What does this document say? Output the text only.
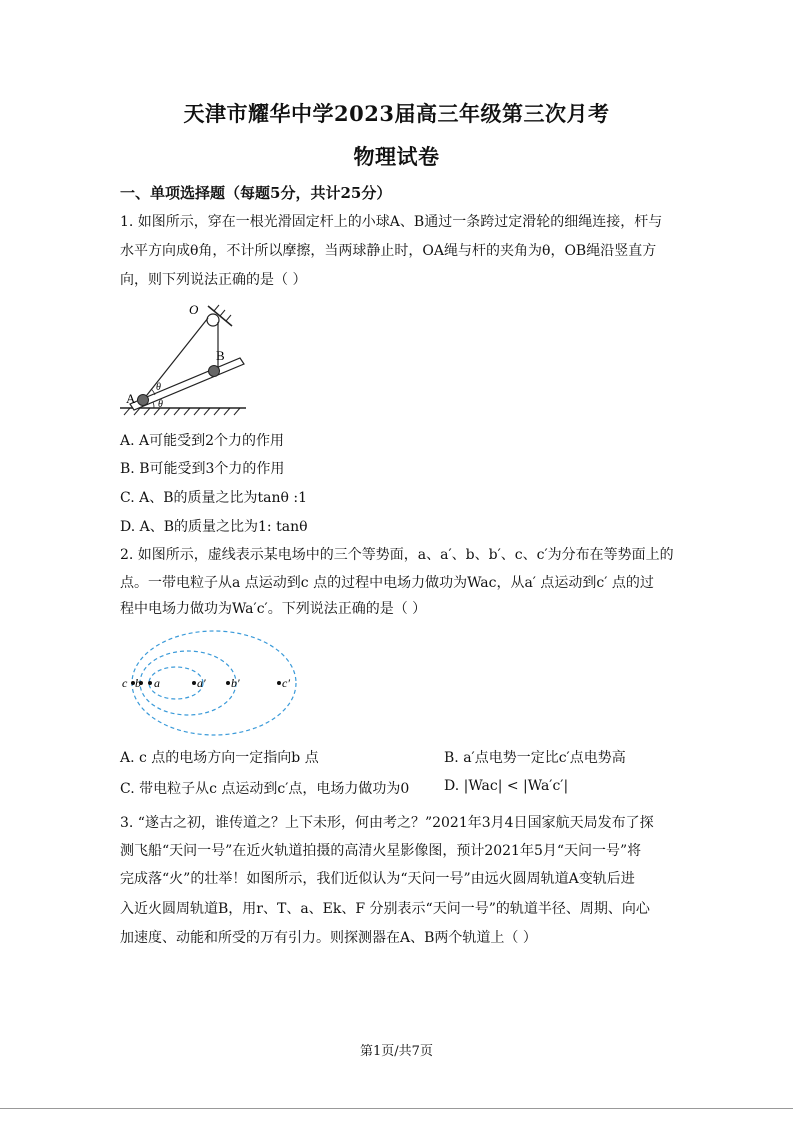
天津市耀华中学2023届高三年级第三次月考
物理试卷
一、单项选择题（每题5分，共计25分）
1. 如图所示，穿在一根光滑固定杆上的小球A、B通过一条跨过定滑轮的细绳连接，杆与
水平方向成θ角，不计所以摩擦，当两球静止时，OA绳与杆的夹角为θ，OB绳沿竖直方
向，则下列说法正确的是（ ）
O
A
B
θ
θ
A. A可能受到2个力的作用
B. B可能受到3个力的作用
C. A、B的质量之比为tanθ :1
D. A、B的质量之比为1: tanθ
2. 如图所示，虚线表示某电场中的三个等势面，a、a′、b、b′、c、c′为分布在等势面上的
点。一带电粒子从a 点运动到c 点的过程中电场力做功为Wac，从a′ 点运动到c′ 点的过
程中电场力做功为Wa′c′。下列说法正确的是（ ）
c b a	a′ b′	c′
A. c 点的电场方向一定指向b 点	B. a′点电势一定比c′点电势高
C. 带电粒子从c 点运动到c′点，电场力做功为0 D. |Wac| < |Wa′c′|
3. “遂古之初，谁传道之？上下未形，何由考之？”2021年3月4日国家航天局发布了探
测飞船“天问一号”在近火轨道拍摄的高清火星影像图，预计2021年5月“天问一号”将
完成落“火”的壮举！如图所示，我们近似认为“天问一号”由远火圆周轨道A变轨后进
入近火圆周轨道B，用r、T、a、Ek、F 分别表示“天问一号”的轨道半径、周期、向心
加速度、动能和所受的万有引力。则探测器在A、B两个轨道上（ ）
第1页/共7页
